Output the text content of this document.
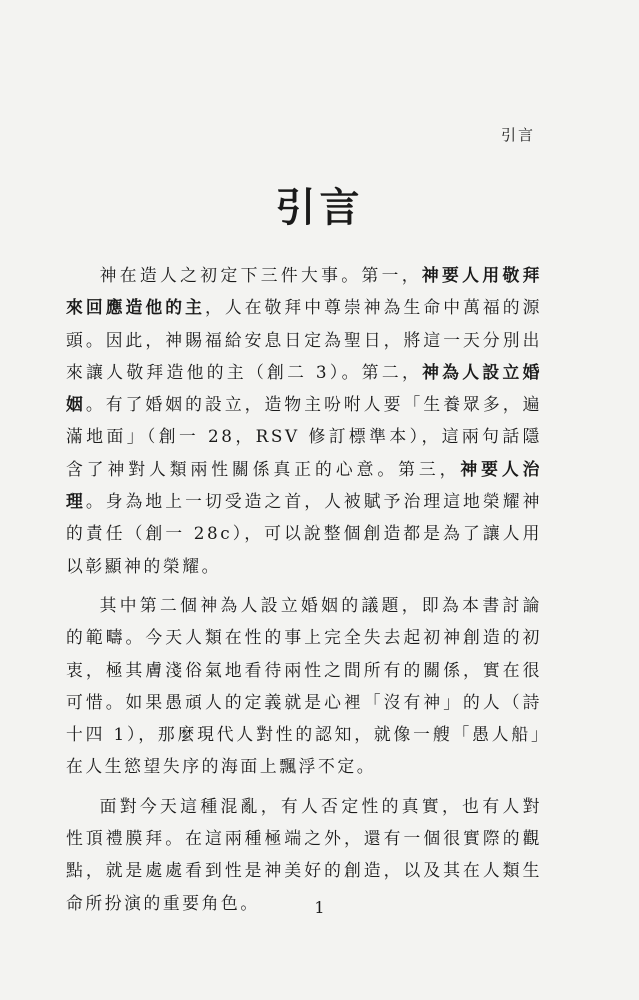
引言
引言

神在造人之初定下三件大事。第一，神要人用敬拜來回應造他的主，人在敬拜中尊崇神為生命中萬福的源頭。因此，神賜福給安息日定為聖日，將這一天分別出來讓人敬拜造他的主（創二 3）。第二，神為人設立婚姻。有了婚姻的設立，造物主吩咐人要「生養眾多，遍滿地面」（創一 28，RSV 修訂標準本），這兩句話隱含了神對人類兩性關係真正的心意。第三，神要人治理。身為地上一切受造之首，人被賦予治理這地榮耀神的責任（創一 28c），可以說整個創造都是為了讓人用以彰顯神的榮耀。

其中第二個神為人設立婚姻的議題，即為本書討論的範疇。今天人類在性的事上完全失去起初神創造的初衷，極其膚淺俗氣地看待兩性之間所有的關係，實在很可惜。如果愚頑人的定義就是心裡「沒有神」的人（詩十四 1），那麼現代人對性的認知，就像一艘「愚人船」在人生慾望失序的海面上飄浮不定。

面對今天這種混亂，有人否定性的真實，也有人對性頂禮膜拜。在這兩種極端之外，還有一個很實際的觀點，就是處處看到性是神美好的創造，以及其在人類生命所扮演的重要角色。	1
